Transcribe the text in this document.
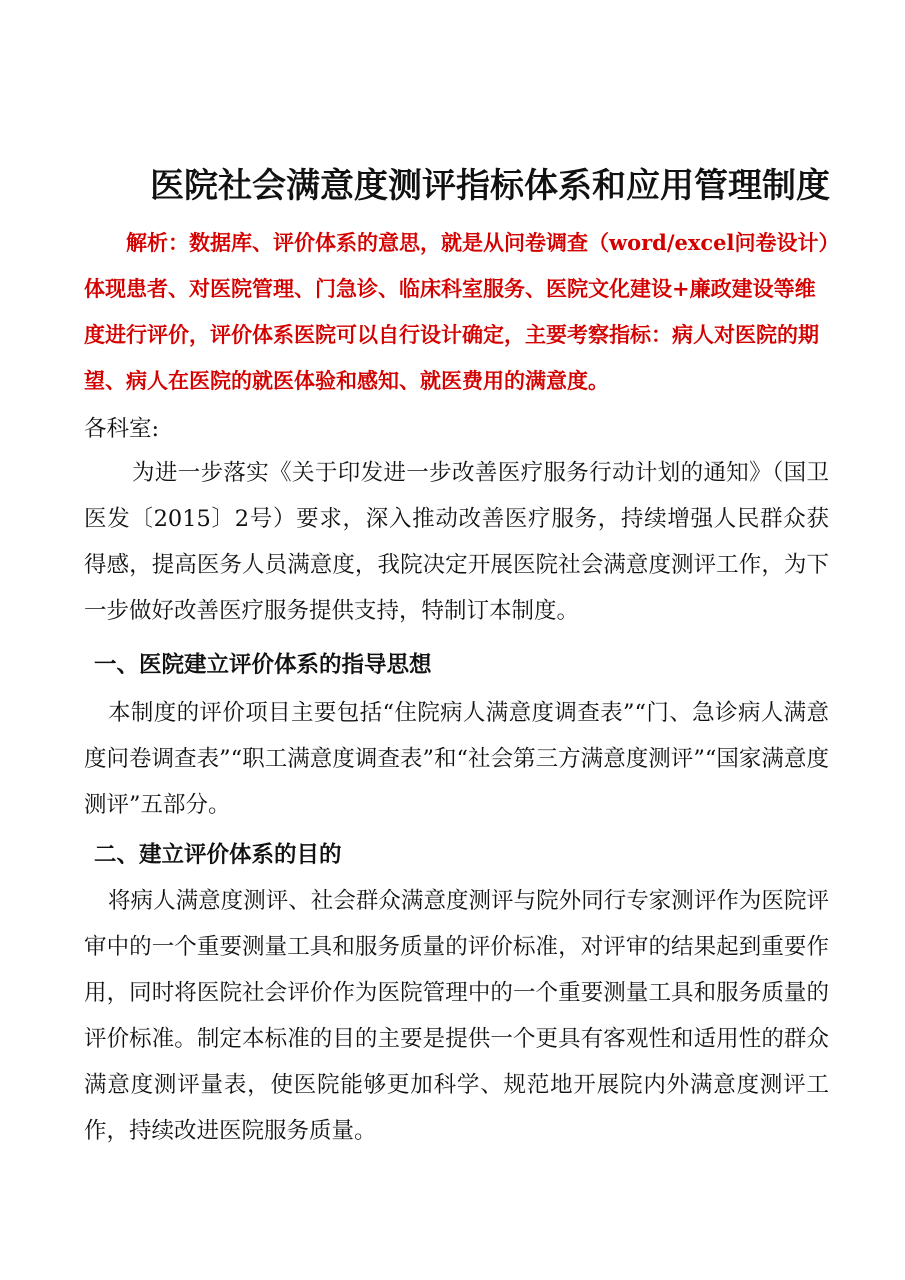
医院社会满意度测评指标体系和应用管理制度
解析：数据库、评价体系的意思，就是从问卷调查（word/excel问卷设计）体现患者、对医院管理、门急诊、临床科室服务、医院文化建设+廉政建设等维度进行评价，评价体系医院可以自行设计确定，主要考察指标：病人对医院的期望、病人在医院的就医体验和感知、就医费用的满意度。
各科室:
为进一步落实《关于印发进一步改善医疗服务行动计划的通知》（国卫医发〔2015〕2号）要求，深入推动改善医疗服务，持续增强人民群众获得感，提高医务人员满意度，我院决定开展医院社会满意度测评工作，为下一步做好改善医疗服务提供支持，特制订本制度。
一、医院建立评价体系的指导思想
本制度的评价项目主要包括“住院病人满意度调查表”“门、急诊病人满意度问卷调查表”“职工满意度调查表”和“社会第三方满意度测评”“国家满意度测评”五部分。
二、建立评价体系的目的
将病人满意度测评、社会群众满意度测评与院外同行专家测评作为医院评审中的一个重要测量工具和服务质量的评价标准，对评审的结果起到重要作用，同时将医院社会评价作为医院管理中的一个重要测量工具和服务质量的评价标准。制定本标准的目的主要是提供一个更具有客观性和适用性的群众满意度测评量表，使医院能够更加科学、规范地开展院内外满意度测评工作，持续改进医院服务质量。
